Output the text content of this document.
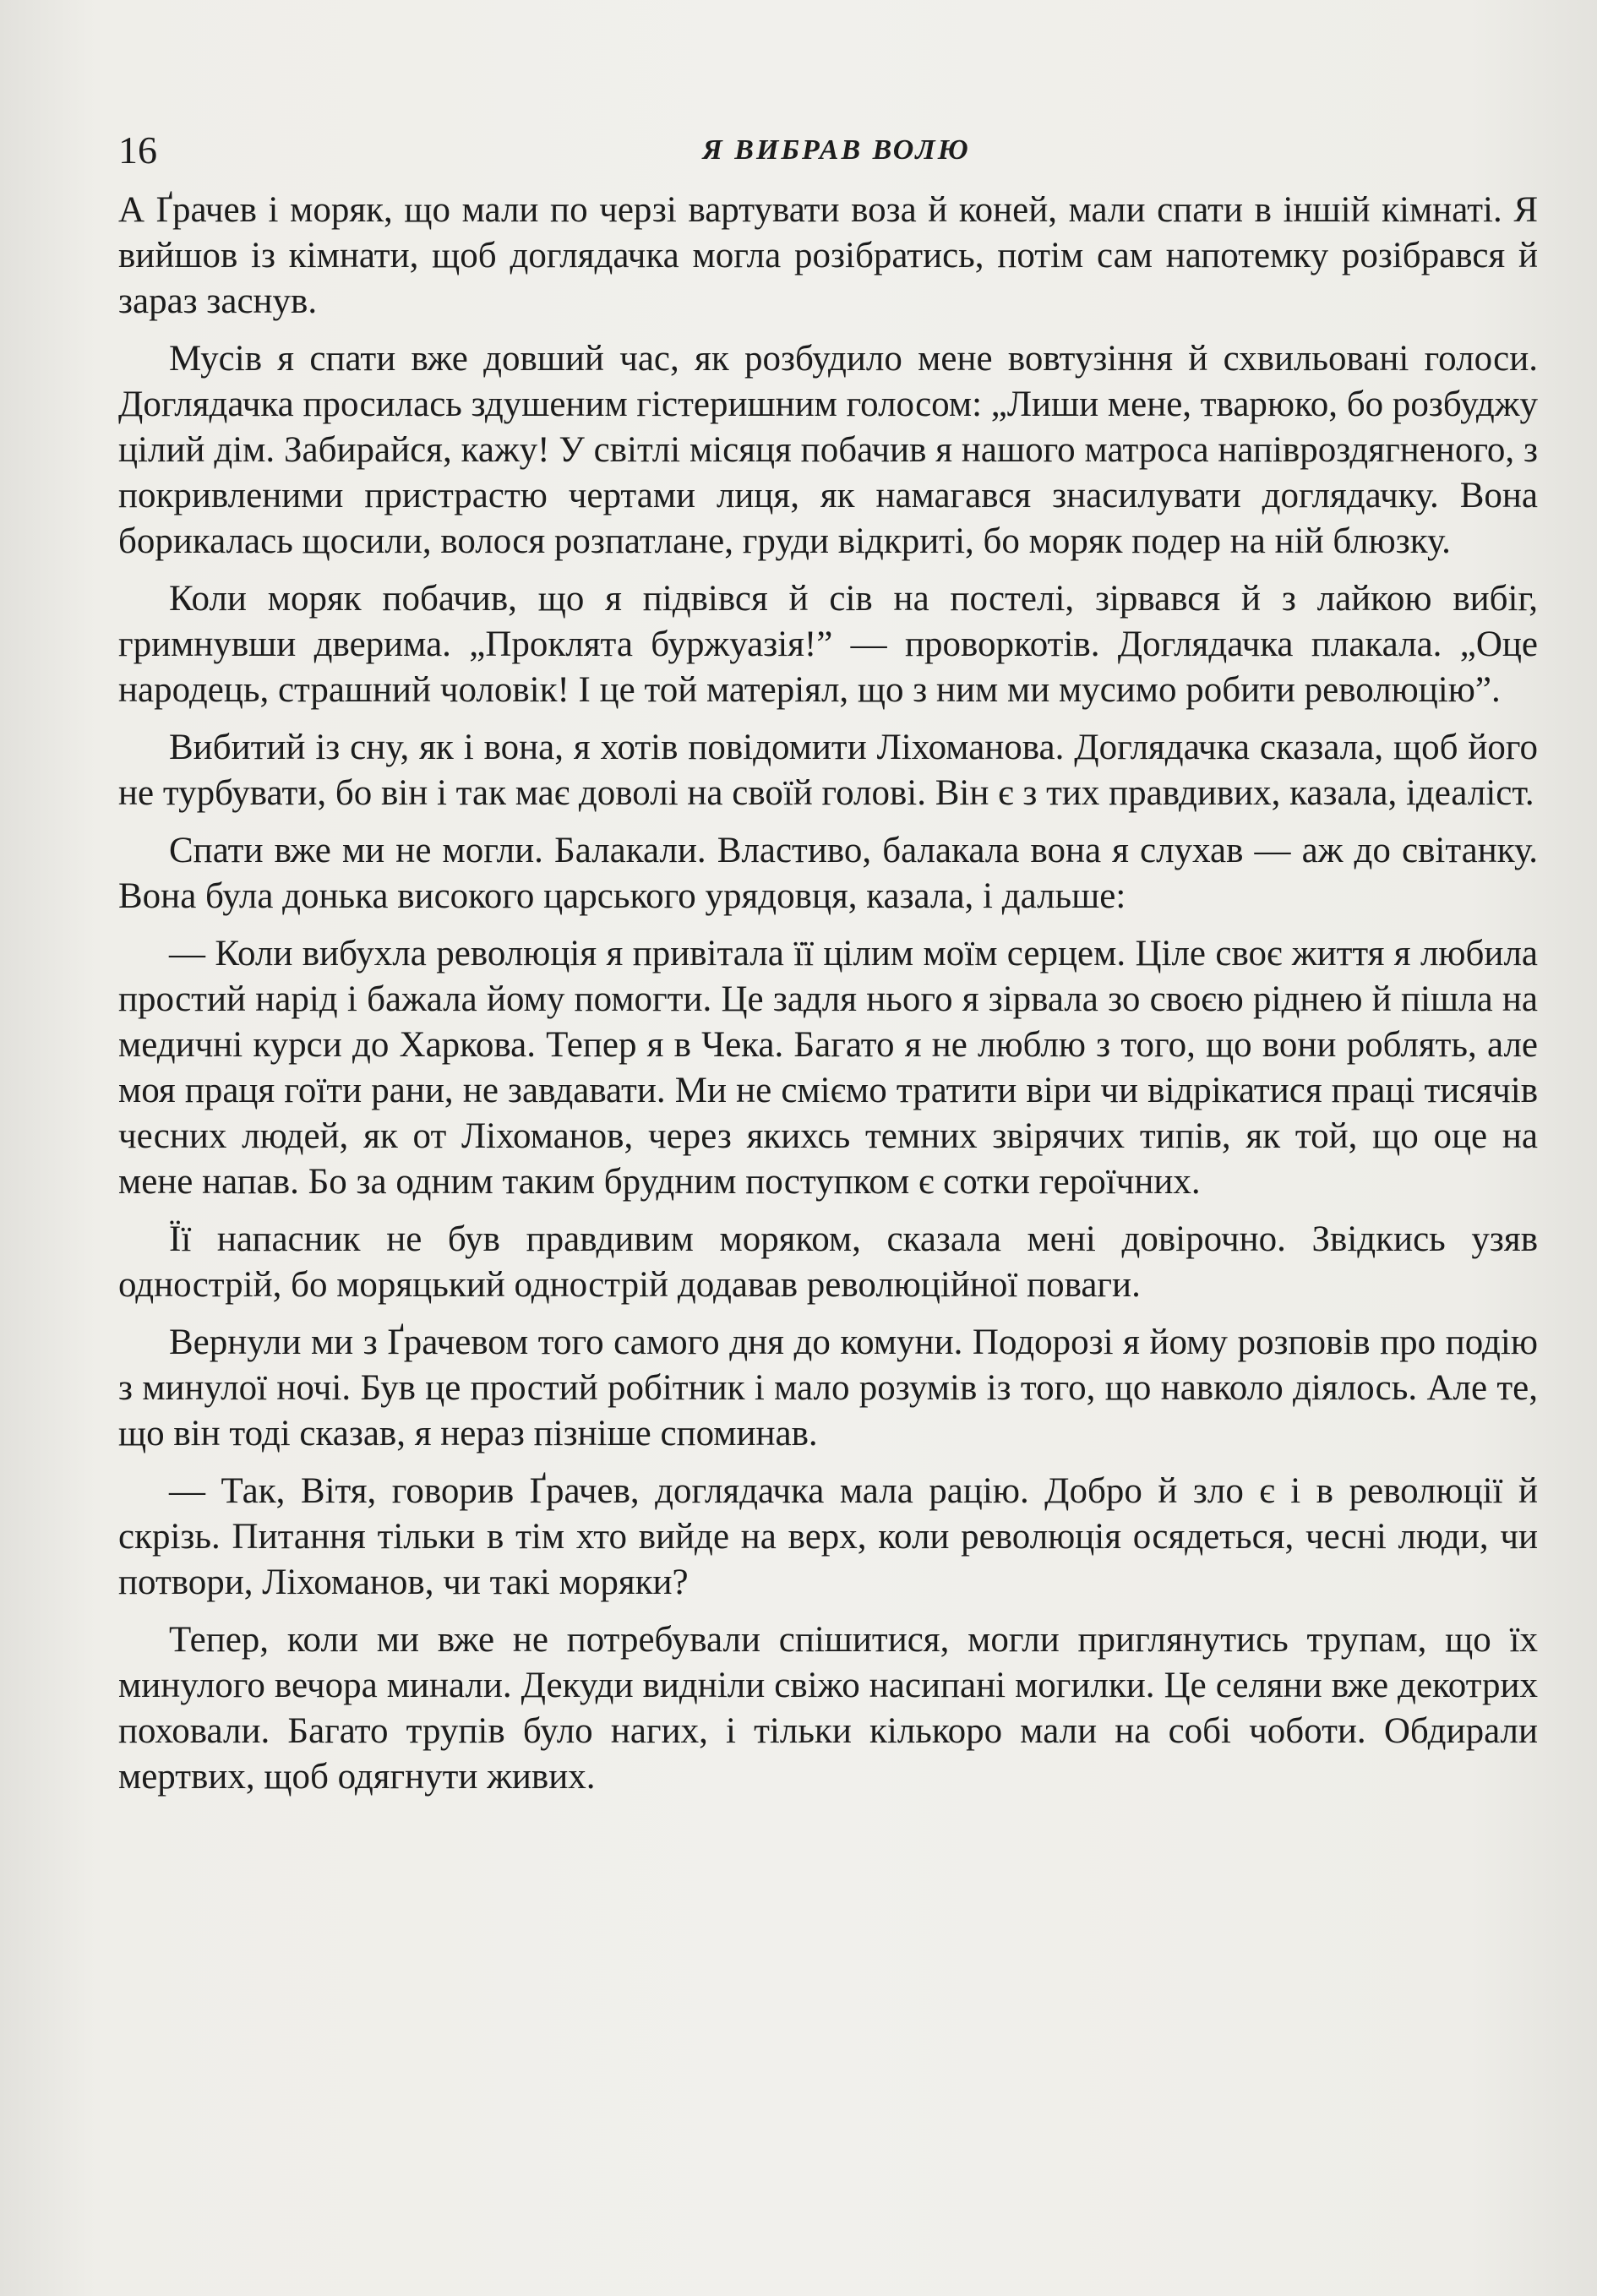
16	Я ВИБРАВ ВОЛЮ

А Ґрачев і моряк, що мали по черзі вартувати воза й коней, мали спати в іншій кімнаті. Я вийшов із кімнати, щоб доглядачка могла розібратись, потім сам напотемку розібрався й зараз заснув.

Мусів я спати вже довший час, як розбудило мене вовтузіння й схвильовані голоси. Доглядачка просилась здушеним гістеришним голосом: „Лиши мене, тварюко, бо розбуджу цілий дім. Забирайся, кажу! У світлі місяця побачив я нашого матроса напівроздягненого, з покривленими пристрастю чертами лиця, як намагався знасилувати доглядачку. Вона борикалась щосили, волося розпатлане, груди відкриті, бо моряк подер на ній блюзку.

Коли моряк побачив, що я підвівся й сів на постелі, зірвався й з лайкою вибіг, гримнувши дверима. „Проклята буржуазія!” — проворкотів. Доглядачка плакала. „Оце народець, страшний чоловік! І це той матеріял, що з ним ми мусимо робити революцію”.

Вибитий із сну, як і вона, я хотів повідомити Ліхоманова. Доглядачка сказала, щоб його не турбувати, бо він і так має доволі на своїй голові. Він є з тих правдивих, казала, ідеаліст.

Спати вже ми не могли. Балакали. Властиво, балакала вона я слухав — аж до світанку. Вона була донька високого царського урядовця, казала, і дальше:

— Коли вибухла революція я привітала її цілим моїм серцем. Ціле своє життя я любила простий нарід і бажала йому помогти. Це задля нього я зірвала зо своєю ріднею й пішла на медичні курси до Харкова. Тепер я в Чека. Багато я не люблю з того, що вони роблять, але моя праця гоїти рани, не завдавати. Ми не сміємо тратити віри чи відрікатися праці тисячів чесних людей, як от Ліхоманов, через якихсь темних звірячих типів, як той, що оце на мене напав. Бо за одним таким брудним поступком є сотки героїчних.

Її напасник не був правдивим моряком, сказала мені довірочно. Звідкись узяв однострій, бо моряцький однострій додавав революційної поваги.

Вернули ми з Ґрачевом того самого дня до комуни. Подорозі я йому розповів про подію з минулої ночі. Був це простий робітник і мало розумів із того, що навколо діялось. Але те, що він тоді сказав, я нераз пізніше споминав.

— Так, Вітя, говорив Ґрачев, доглядачка мала рацію. Добро й зло є і в революції й скрізь. Питання тільки в тім хто вийде на верх, коли революція осядеться, чесні люди, чи потвори, Ліхоманов, чи такі моряки?

Тепер, коли ми вже не потребували спішитися, могли приглянутись трупам, що їх минулого вечора минали. Декуди видніли свіжо насипані могилки. Це селяни вже декотрих поховали. Багато трупів було нагих, і тільки кількоро мали на собі чоботи. Обдирали мертвих, щоб одягнути живих.
